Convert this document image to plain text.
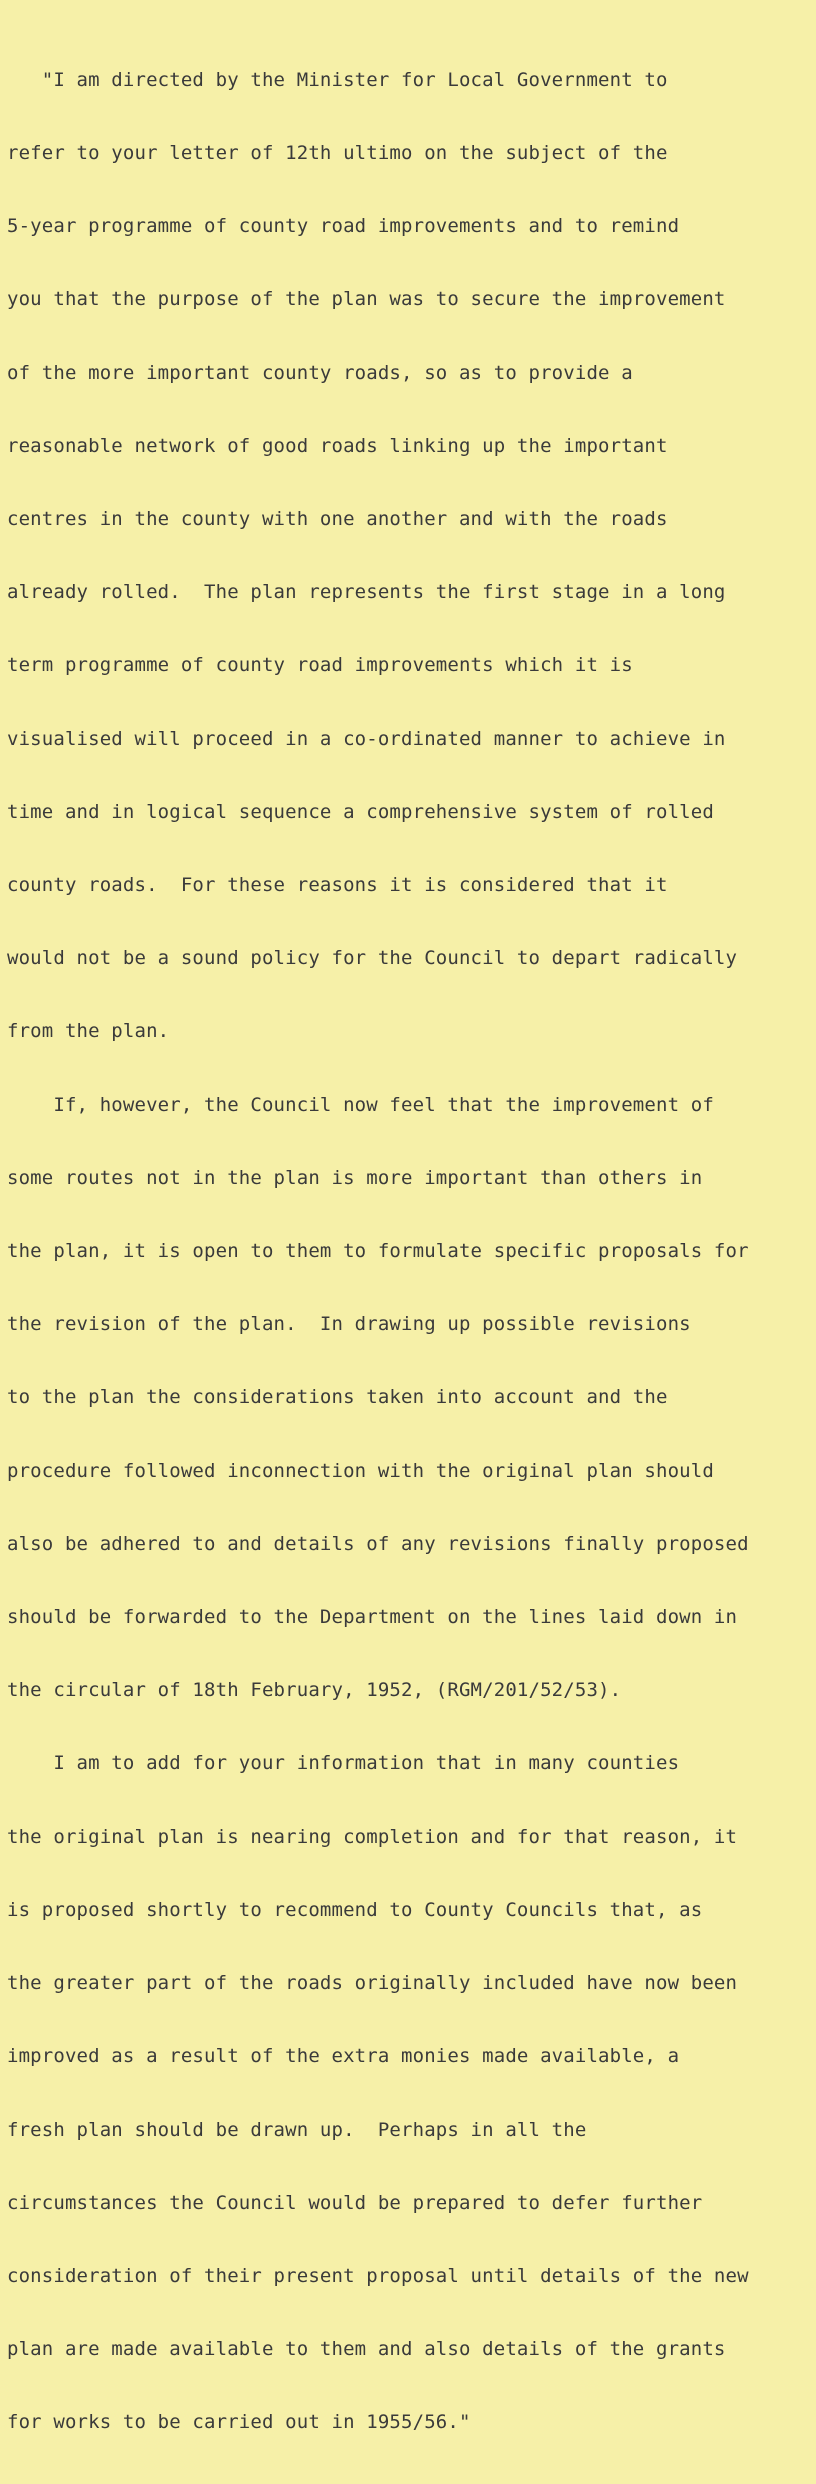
"I am directed by the Minister for Local Government to

refer to your letter of 12th ultimo on the subject of the

5-year programme of county road improvements and to remind

you that the purpose of the plan was to secure the improvement

of the more important county roads, so as to provide a

reasonable network of good roads linking up the important

centres in the county with one another and with the roads

already rolled.  The plan represents the first stage in a long

term programme of county road improvements which it is

visualised will proceed in a co-ordinated manner to achieve in

time and in logical sequence a comprehensive system of rolled

county roads.  For these reasons it is considered that it

would not be a sound policy for the Council to depart radically

from the plan.

If, however, the Council now feel that the improvement of

some routes not in the plan is more important than others in

the plan, it is open to them to formulate specific proposals for

the revision of the plan.  In drawing up possible revisions

to the plan the considerations taken into account and the

procedure followed inconnection with the original plan should

also be adhered to and details of any revisions finally proposed

should be forwarded to the Department on the lines laid down in

the circular of 18th February, 1952, (RGM/201/52/53).

I am to add for your information that in many counties

the original plan is nearing completion and for that reason, it

is proposed shortly to recommend to County Councils that, as

the greater part of the roads originally included have now been

improved as a result of the extra monies made available, a

fresh plan should be drawn up.  Perhaps in all the

circumstances the Council would be prepared to defer further

consideration of their present proposal until details of the new

plan are made available to them and also details of the grants

for works to be carried out in 1955/56."
